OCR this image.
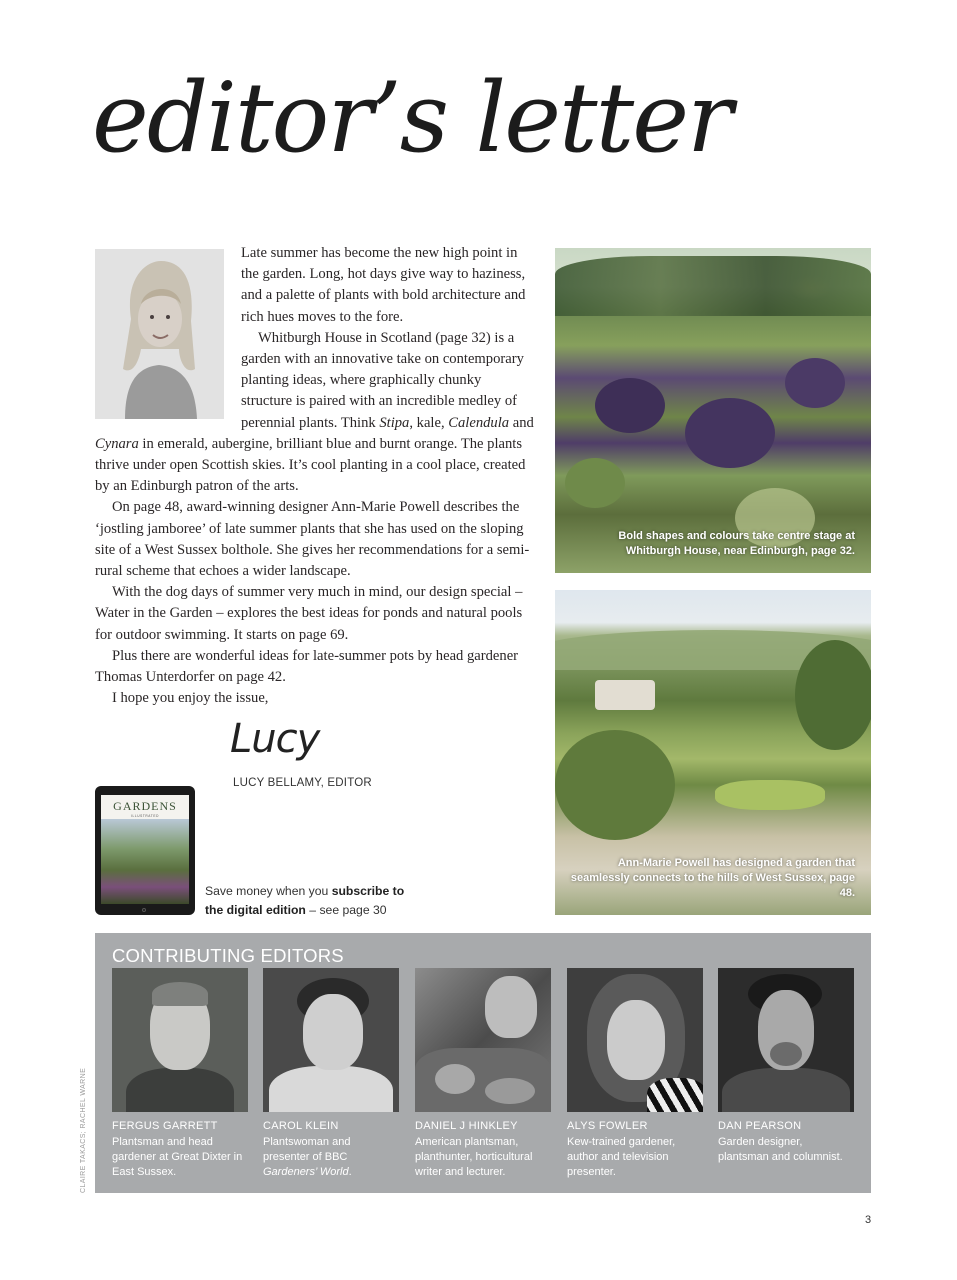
editor’s letter

Late summer has become the new high point in the garden. Long, hot days give way to haziness, and a palette of plants with bold architecture and rich hues moves to the fore.

Whitburgh House in Scotland (page 32) is a garden with an innovative take on contemporary planting ideas, where graphically chunky structure is paired with an incredible medley of perennial plants. Think Stipa, kale, Calendula and Cynara in emerald, aubergine, brilliant blue and burnt orange. The plants thrive under open Scottish skies. It’s cool planting in a cool place, created by an Edinburgh patron of the arts.

On page 48, award-winning designer Ann-Marie Powell describes the ‘jostling jamboree’ of late summer plants that she has used on the sloping site of a West Sussex bolthole. She gives her recommendations for a semi-rural scheme that echoes a wider landscape.

With the dog days of summer very much in mind, our design special – Water in the Garden – explores the best ideas for ponds and natural pools for outdoor swimming. It starts on page 69.

Plus there are wonderful ideas for late-summer pots by head gardener Thomas Unterdorfer on page 42.

I hope you enjoy the issue,

Lucy
LUCY BELLAMY, EDITOR
GARDENS
ILLUSTRATED
Save money when you subscribe to the digital edition – see page 30
Bold shapes and colours take centre stage at Whitburgh House, near Edinburgh, page 32.
Ann-Marie Powell has designed a garden that seamlessly connects to the hills of West Sussex, page 48.
CONTRIBUTING EDITORS
FERGUS GARRETT
Plantsman and head gardener at Great Dixter in East Sussex.
CAROL KLEIN
Plantswoman and presenter of BBC Gardeners’ World.
DANIEL J HINKLEY
American plantsman, planthunter, horticultural writer and lecturer.
ALYS FOWLER
Kew-trained gardener, author and television presenter.
DAN PEARSON
Garden designer, plantsman and columnist.
CLAIRE TAKACS; RACHEL WARNE
3
